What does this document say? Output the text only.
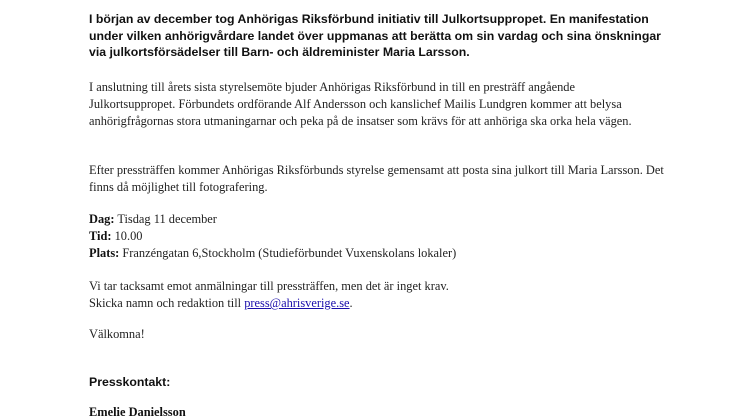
I början av december tog Anhörigas Riksförbund initiativ till Julkortsuppropet. En manifestation under vilken anhörigvårdare landet över uppmanas att berätta om sin vardag och sina önskningar via julkortsförsädelser till Barn- och äldreminister Maria Larsson.

I anslutning till årets sista styrelsemöte bjuder Anhörigas Riksförbund in till en presträff angående Julkortsuppropet. Förbundets ordförande Alf Andersson och kanslichef Mailis Lundgren kommer att belysa anhörigfrågornas stora utmaningarnar och peka på de insatser som krävs för att anhöriga ska orka hela vägen.

Efter pressträffen kommer Anhörigas Riksförbunds styrelse gemensamt att posta sina julkort till Maria Larsson. Det finns då möjlighet till fotografering.

Dag: Tisdag 11 december
Tid: 10.00
Plats: Franzéngatan 6,Stockholm (Studieförbundet Vuxenskolans lokaler)
Vi tar tacksamt emot anmälningar till pressträffen, men det är inget krav.
Skicka namn och redaktion till press@ahrisverige.se.

Välkomna!

Presskontakt:

Emelie Danielsson
